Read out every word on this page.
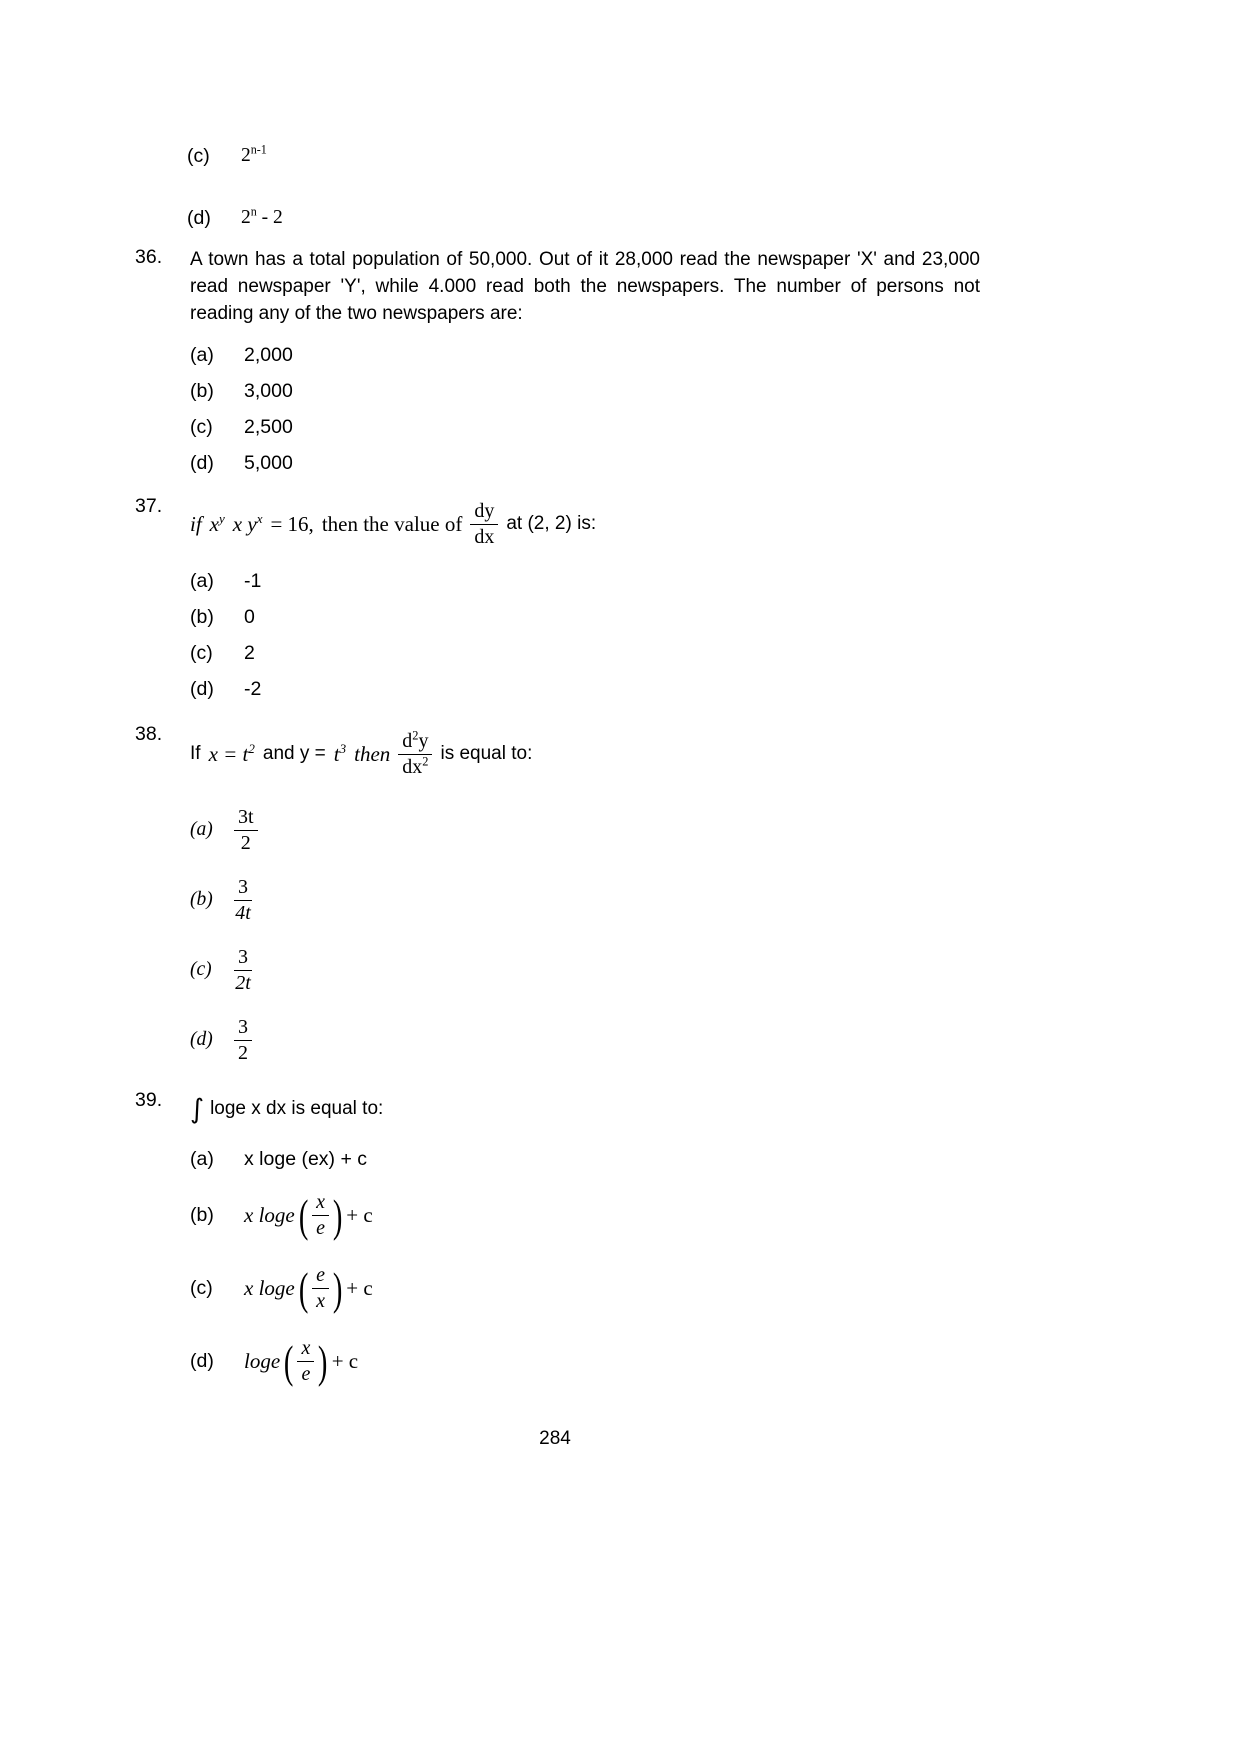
(c)	2$^{n-1}$
(d)	2$^n$ - 2
36.	A town has a total population of 50,000. Out of it 28,000 read the newspaper 'X' and 23,000 read newspaper 'Y', while 4.000 read both the newspapers. The number of persons not reading any of the two newspapers are:
(a)	2,000
(b)	3,000
(c)	2,500
(d)	5,000
37.
if $x^y$ x $y^x = 16$, then the value of $\frac{dy}{dx}$ at (2, 2) is:
(a)	-1
(b)	0
(c)	2
(d)	-2
38.
If $x = t^2$ and $y = t^3$ then $\frac{d^2y}{dx^2}$ is equal to:
(a)	$\frac{3t}{2}$
(b)	$\frac{3}{4t}$
(c)	$\frac{3}{2t}$
(d)	$\frac{3}{2}$
39.	∫ loge x dx is equal to:
(a)	x loge (ex) + c
(b)	x loge ( $\frac{x}{e}$ ) + c
(c)	x loge ( $\frac{e}{x}$ ) + c
(d)	loge ( $\frac{x}{e}$ ) + c
284
